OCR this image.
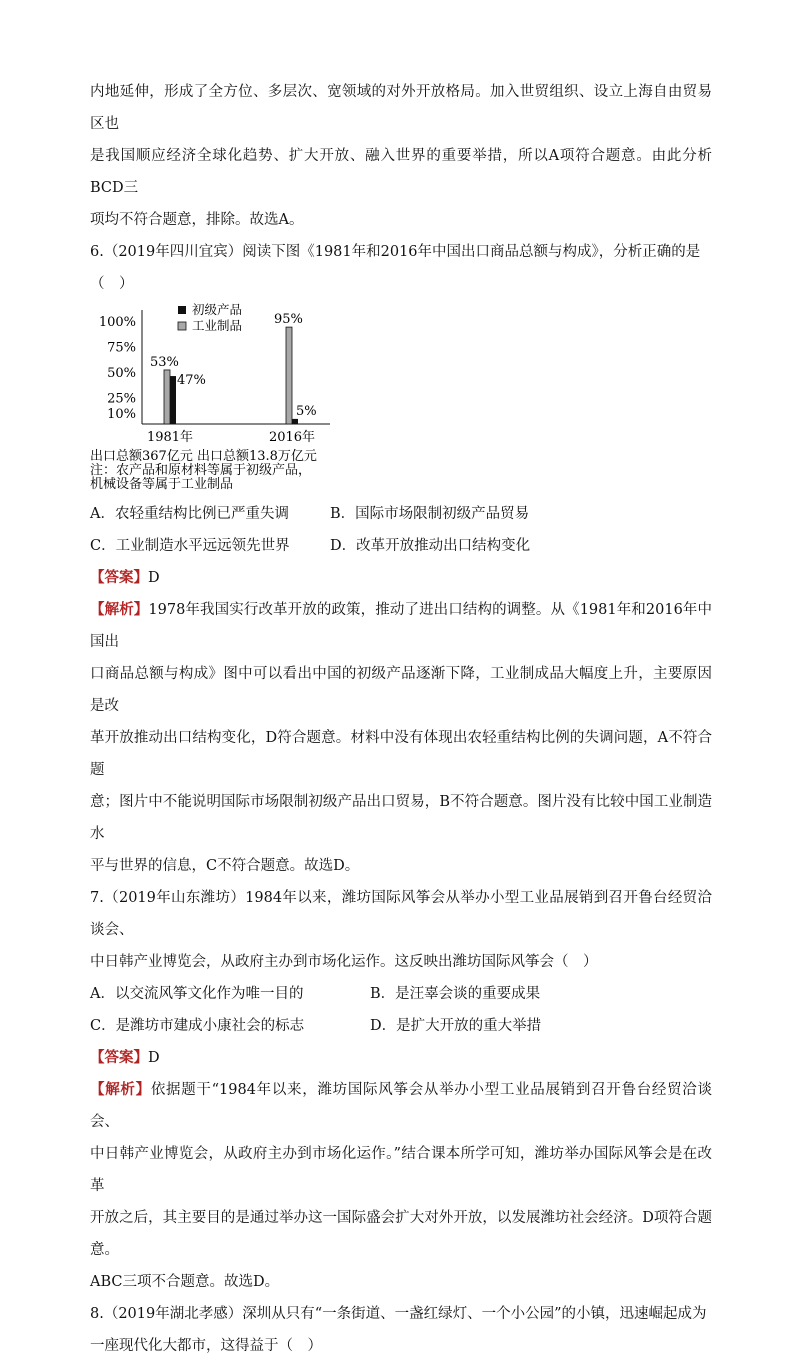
内地延伸，形成了全方位、多层次、宽领域的对外开放格局。加入世贸组织、设立上海自由贸易区也

是我国顺应经济全球化趋势、扩大开放、融入世界的重要举措，所以A项符合题意。由此分析BCD三

项均不符合题意，排除。故选A。

6.（2019年四川宜宾）阅读下图《1981年和2016年中国出口商品总额与构成》，分析正确的是

（　）

100%
75%
50%
25%
10%
53%
47%
95%
5%
1981年	2016年
初级产品
工业制品
出口总额367亿元 出口总额13.8万亿元
注：农产品和原材料等属于初级产品，
机械设备等属于工业制品
A．农轻重结构比例已严重失调	B．国际市场限制初级产品贸易
C．工业制造水平远远领先世界	D．改革开放推动出口结构变化

【答案】D

【解析】1978年我国实行改革开放的政策，推动了进出口结构的调整。从《1981年和2016年中国出

口商品总额与构成》图中可以看出中国的初级产品逐渐下降，工业制成品大幅度上升，主要原因是改

革开放推动出口结构变化，D符合题意。材料中没有体现出农轻重结构比例的失调问题，A不符合题

意；图片中不能说明国际市场限制初级产品出口贸易，B不符合题意。图片没有比较中国工业制造水

平与世界的信息，C不符合题意。故选D。

7.（2019年山东潍坊）1984年以来，潍坊国际风筝会从举办小型工业品展销到召开鲁台经贸洽谈会、

中日韩产业博览会，从政府主办到市场化运作。这反映出潍坊国际风筝会（　）

A．以交流风筝文化作为唯一目的	B．是汪辜会谈的重要成果
C．是潍坊市建成小康社会的标志	D．是扩大开放的重大举措

【答案】D

【解析】依据题干“1984年以来，潍坊国际风筝会从举办小型工业品展销到召开鲁台经贸洽谈会、

中日韩产业博览会，从政府主办到市场化运作。”结合课本所学可知，潍坊举办国际风筝会是在改革

开放之后，其主要目的是通过举办这一国际盛会扩大对外开放，以发展潍坊社会经济。D项符合题意。

ABC三项不合题意。故选D。

8.（2019年湖北孝感）深圳从只有“一条街道、一盏红绿灯、一个小公园”的小镇，迅速崛起成为

一座现代化大都市，这得益于（　）
